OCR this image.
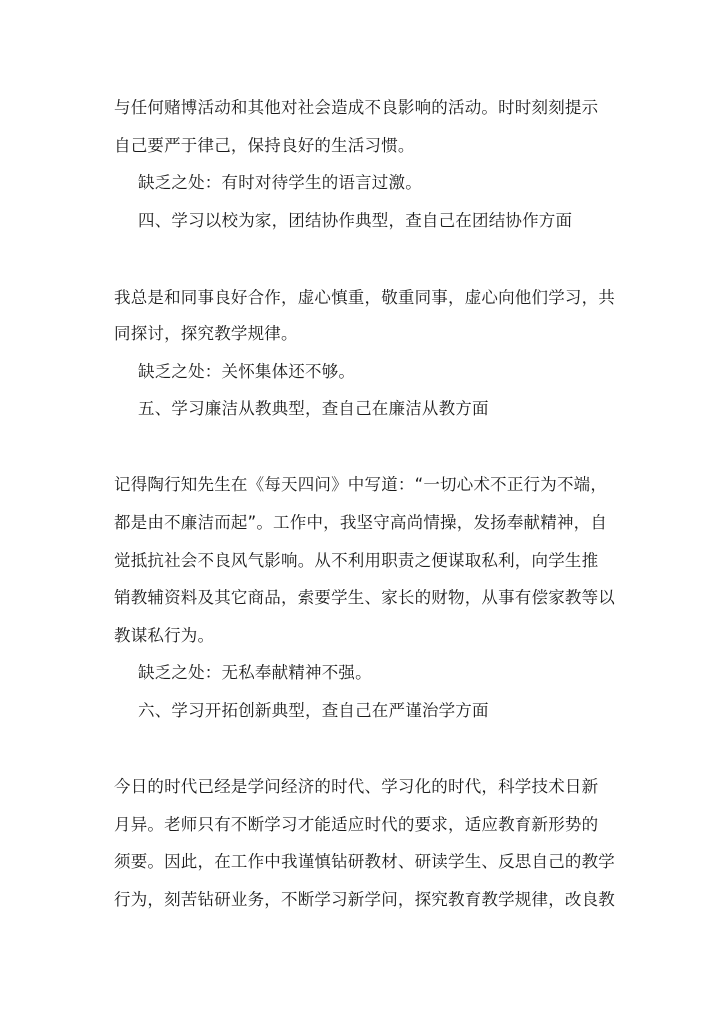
与任何赌博活动和其他对社会造成不良影响的活动。时时刻刻提示
自己要严于律己，保持良好的生活习惯。
缺乏之处：有时对待学生的语言过激。
四、学习以校为家，团结协作典型，查自己在团结协作方面
我总是和同事良好合作，虚心慎重，敬重同事，虚心向他们学习，共
同探讨，探究教学规律。
缺乏之处：关怀集体还不够。
五、学习廉洁从教典型，查自己在廉洁从教方面
记得陶行知先生在《每天四问》中写道：“一切心术不正行为不端，
都是由不廉洁而起”。工作中，我坚守高尚情操，发扬奉献精神，自
觉抵抗社会不良风气影响。从不利用职责之便谋取私利，向学生推
销教辅资料及其它商品，索要学生、家长的财物，从事有偿家教等以
教谋私行为。
缺乏之处：无私奉献精神不强。
六、学习开拓创新典型，查自己在严谨治学方面
今日的时代已经是学问经济的时代、学习化的时代，科学技术日新
月异。老师只有不断学习才能适应时代的要求，适应教育新形势的
须要。因此，在工作中我谨慎钻研教材、研读学生、反思自己的教学
行为，刻苦钻研业务，不断学习新学问，探究教育教学规律，改良教
